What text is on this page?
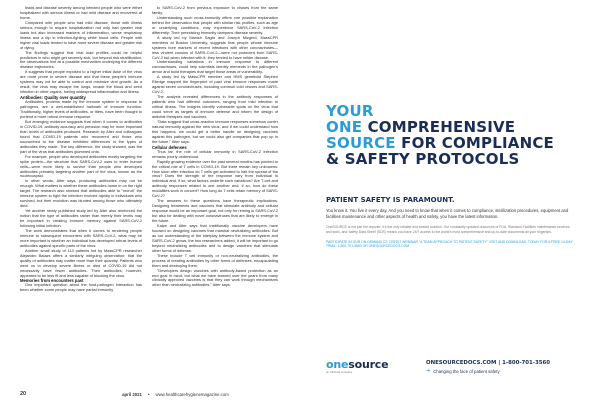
leads and disease severity among infected people who were either hospitalized with serious illness or had mild disease and recovered at home.

Compared with people who had mild disease, those with illness serious enough to require hospitalization not only had greater viral loads but also increased markers of inflammation, worse respiratory illness and a dip in infection-fighting white blood cells. People with higher viral loads tended to have more severe disease and greater risk of dying.

The findings suggest that viral load profiles could be helpful predictors in who might get severely sick, but beyond risk stratification, the observations hint at a possible mechanism underlying the different disease trajectories.

It suggests that people exposed to a higher initial dose of the virus are more prone to severe disease and that these people's immune systems may not be able to control and minimize viral growth. As a result, the virus may escape the lungs, invade the blood and seed infection in other organs, fueling widespread inflammation and illness.

Antibodies: Quality over quantity

Antibodies, proteins made by the immune system in response to pathogens, are a well-established hallmark of immune function. Traditionally, higher levels of antibodies, or titers, have been thought to portend a more robust immune response.

But emerging evidence suggests that when it comes to antibodies in COVID-19, antibody accuracy and precision may be more important than levels of antibodies produced. Research by Alter and colleagues found that COVID-19 patients who recovered and those who succumbed to the disease exhibited differences in the types of antibodies they made. The key difference, the study showed, was the part of the virus that antibodies glommed onto.

For example, people who developed antibodies mostly targeting the spike protein—the structure that SARS-CoV-2 uses to enter human cells—were more likely to survive than people who developed antibodies primarily targeting another part of the virus, known as the nucleocapsid.

In other words, Alter says, producing antibodies may not be enough. What matters is whether these antibodies home in on the right target. The research also showed that antibodies able to "recruit" the immune system to fight the infection evolved rapidly in individuals who survived, but their evolution was blunted among those who ultimately died.

Yet another newly published study led by Alter also reinforced the notion that the type of antibodies rather than merely their levels may be important in creating immune memory against SARS-CoV-2 following initial infection.

The work demonstrates that when it comes to rendering people immune to subsequent encounters with SARS-CoV-2, what may be more important is whether an individual has developed robust levels of antibodies against specific parts of the virus.

Another small study of 113 patients led by MassCPR researcher Alejandro Balazs offers a similarly intriguing observation: that the quality of antibodies may matter more than their quantity. Patients who went on to develop severe illness or died of COVID-19 did not necessarily have fewer antibodies. Their antibodies, however, appeared to be less fit and less capable of blocking the virus.

Memories from encounters past

One important question about the host-pathogen interaction has been whether some people may have partial immunity

to SARS-CoV-2 from previous exposure to viruses from the same family.

Understanding such cross-immunity offers one possible explanation behind the observation that people with similar risk profiles, such as age or underlying conditions, may experience SARS-CoV-2 infection differently: Their preexisting immunity dampens disease severity.

A study led by Manish Sagar and Joseph Mizgerd, MassCPR members at Boston University, suggests that people whose immune systems bore markers of recent infections with other coronaviruses—less virulent cousins of SARS-CoV-2—were not protected from SARS-CoV-2 but when infected with it, they tended to have milder disease.

Understanding variations in immune response to different coronaviruses, could help scientists identify elements in the pathogen's armor and build therapies that target those areas of vulnerability.

A study led by MassCPR member and HMS geneticist Stephen Elledge mapped the fingerprint of past viral immune responses made against seven coronaviruses, including common cold viruses and SARS-CoV-2.

The analysis revealed differences in the antibody responses of patients who had different outcomes, ranging from mild infection to critical illness. The insights identify vulnerable spots on the virus that could serve as targets of immune defense and inform the design of antiviral therapies and vaccines.

"Data suggest that cross-reactive immune responses somehow confer natural immunity against the new virus, and if we could understand how this happens, we could get a better handle on designing vaccines against this pathogen, but we could also get companies that pop up in the future," Alter says.

Cellular defenses

Thus far, the role of cellular immunity in SARS-CoV-2 infection remains poorly understood.

Rapidly growing evidence over the past several months has pointed to the critical role of T cells in COVID-19. But there remain key unknowns: How soon after infection do T cells get activated to halt the spread of the virus? Does the strength of the response vary from individual to individual and, if so, what factors underlie such variations? Are T-cell and antibody responses related to one another and, if so, how do these modalities work in concert? How long do T cells retain memory of SARS-CoV-2?

The answers to these questions have therapeutic implications. Designing treatments and vaccines that stimulate antibody and cellular response would be an important goal, not only for reining in SARS-CoV-2 but also for dealing with novel coronaviruses that are likely to emerge in the future.

Kaipe and Alter says that traditionally vaccine developers have focused on designing vaccines that marshal neutralizing antibodies. But as our understanding of the interplay between the immune system and SARS-CoV-2 grows, the two researchers added, it will be important to go beyond neutralizing antibodies and to design vaccines that stimulate other forms of defense.

These include T cell immunity or non-neutralizing antibodies, the process of creating antibodies by other forms of defenses, encapsulating them and destroying them.

"Developers design vaccines with antibody-based protection as an end goal in mind, but what we have learned over the years from many clinically approved vaccines is that they can work through mechanisms other than neutralizing antibodies," Alter says.

20	april 2021 • www.healthcarehygienemagazine.com
YOUR
ONE COMPREHENSIVE
SOURCE FOR COMPLIANCE
& SAFETY PROTOCOLS
PATIENT SAFETY IS PARAMOUNT.
You know it. You live it every day. And you need to know that when it comes to compliance, sterilization procedures, equipment and facilities maintenance and other aspects of health and safety, you have the latest information.
OneSOURCE is not just the reporter; it's the only reliable and trusted solution. Our constantly updated resources of FDA, Standard Facilities maintenance services and tools, and Safety Data Sheet (SDS) means you have 24/7 access to the world's most comprehensive and up-to-date documents all your fingertips.
PARTICIPATE IN OUR ON-DEMAND CE CREDIT WEBINAR "A TEAM APPROACH TO PATIENT SAFETY" VISIT AND DOWNLOAD. TODAY FOR A FREE 14-DAY TRIAL: 1-800-701-3560 OR ONESOURCEDOCS.COM
onesource
an Ultimate company
ONESOURCEDOCS.COM | 1-800-701-3560
➔ Changing the face of patient safety
